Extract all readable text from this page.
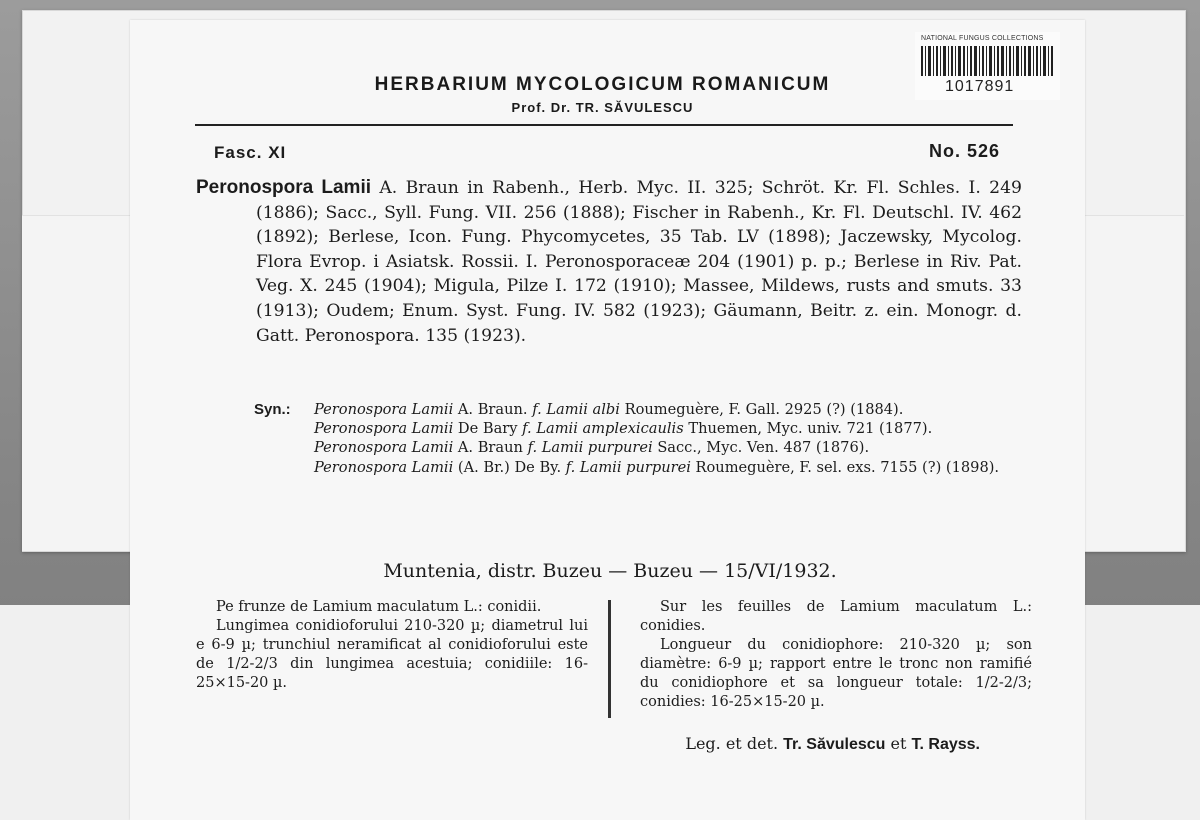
NATIONAL FUNGUS COLLECTIONS
1017891
HERBARIUM MYCOLOGICUM ROMANICUM
Prof. Dr. TR. SĂVULESCU
Fasc. XI	No. 526

Peronospora Lamii A. Braun in Rabenh., Herb. Myc. II. 325; Schröt. Kr. Fl. Schles. I. 249 (1886); Sacc., Syll. Fung. VII. 256 (1888); Fischer in Rabenh., Kr. Fl. Deutschl. IV. 462 (1892); Berlese, Icon. Fung. Phycomycetes, 35 Tab. LV (1898); Jaczewsky, Mycolog. Flora Evrop. i Asiatsk. Rossii. I. Peronosporaceæ 204 (1901) p. p.; Berlese in Riv. Pat. Veg. X. 245 (1904); Migula, Pilze I. 172 (1910); Massee, Mildews, rusts and smuts. 33 (1913); Oudem; Enum. Syst. Fung. IV. 582 (1923); Gäumann, Beitr. z. ein. Monogr. d. Gatt. Peronospora. 135 (1923).

Syn.: Peronospora Lamii A. Braun. f. Lamii albi Roumeguère, F. Gall. 2925 (?) (1884).
Peronospora Lamii De Bary f. Lamii amplexicaulis Thuemen, Myc. univ. 721 (1877).
Peronospora Lamii A. Braun f. Lamii purpurei Sacc., Myc. Ven. 487 (1876).
Peronospora Lamii (A. Br.) De By. f. Lamii purpurei Roumeguère, F. sel. exs. 7155 (?) (1898).
Muntenia, distr. Buzeu — Buzeu — 15/VI/1932.

Pe frunze de Lamium maculatum L.: conidii.

Lungimea conidioforului 210-320 µ; diametrul lui e 6-9 µ; trunchiul neramificat al conidioforului este de 1/2-2/3 din lungimea acestuia; conidiile: 16-25×15-20 µ.

Sur les feuilles de Lamium maculatum L.: conidies.

Longueur du conidiophore: 210-320 µ; son diamètre: 6-9 µ; rapport entre le tronc non ramifié du conidiophore et sa longueur totale: 1/2-2/3; conidies: 16-25×15-20 µ.

Leg. et det. Tr. Săvulescu et T. Rayss.
